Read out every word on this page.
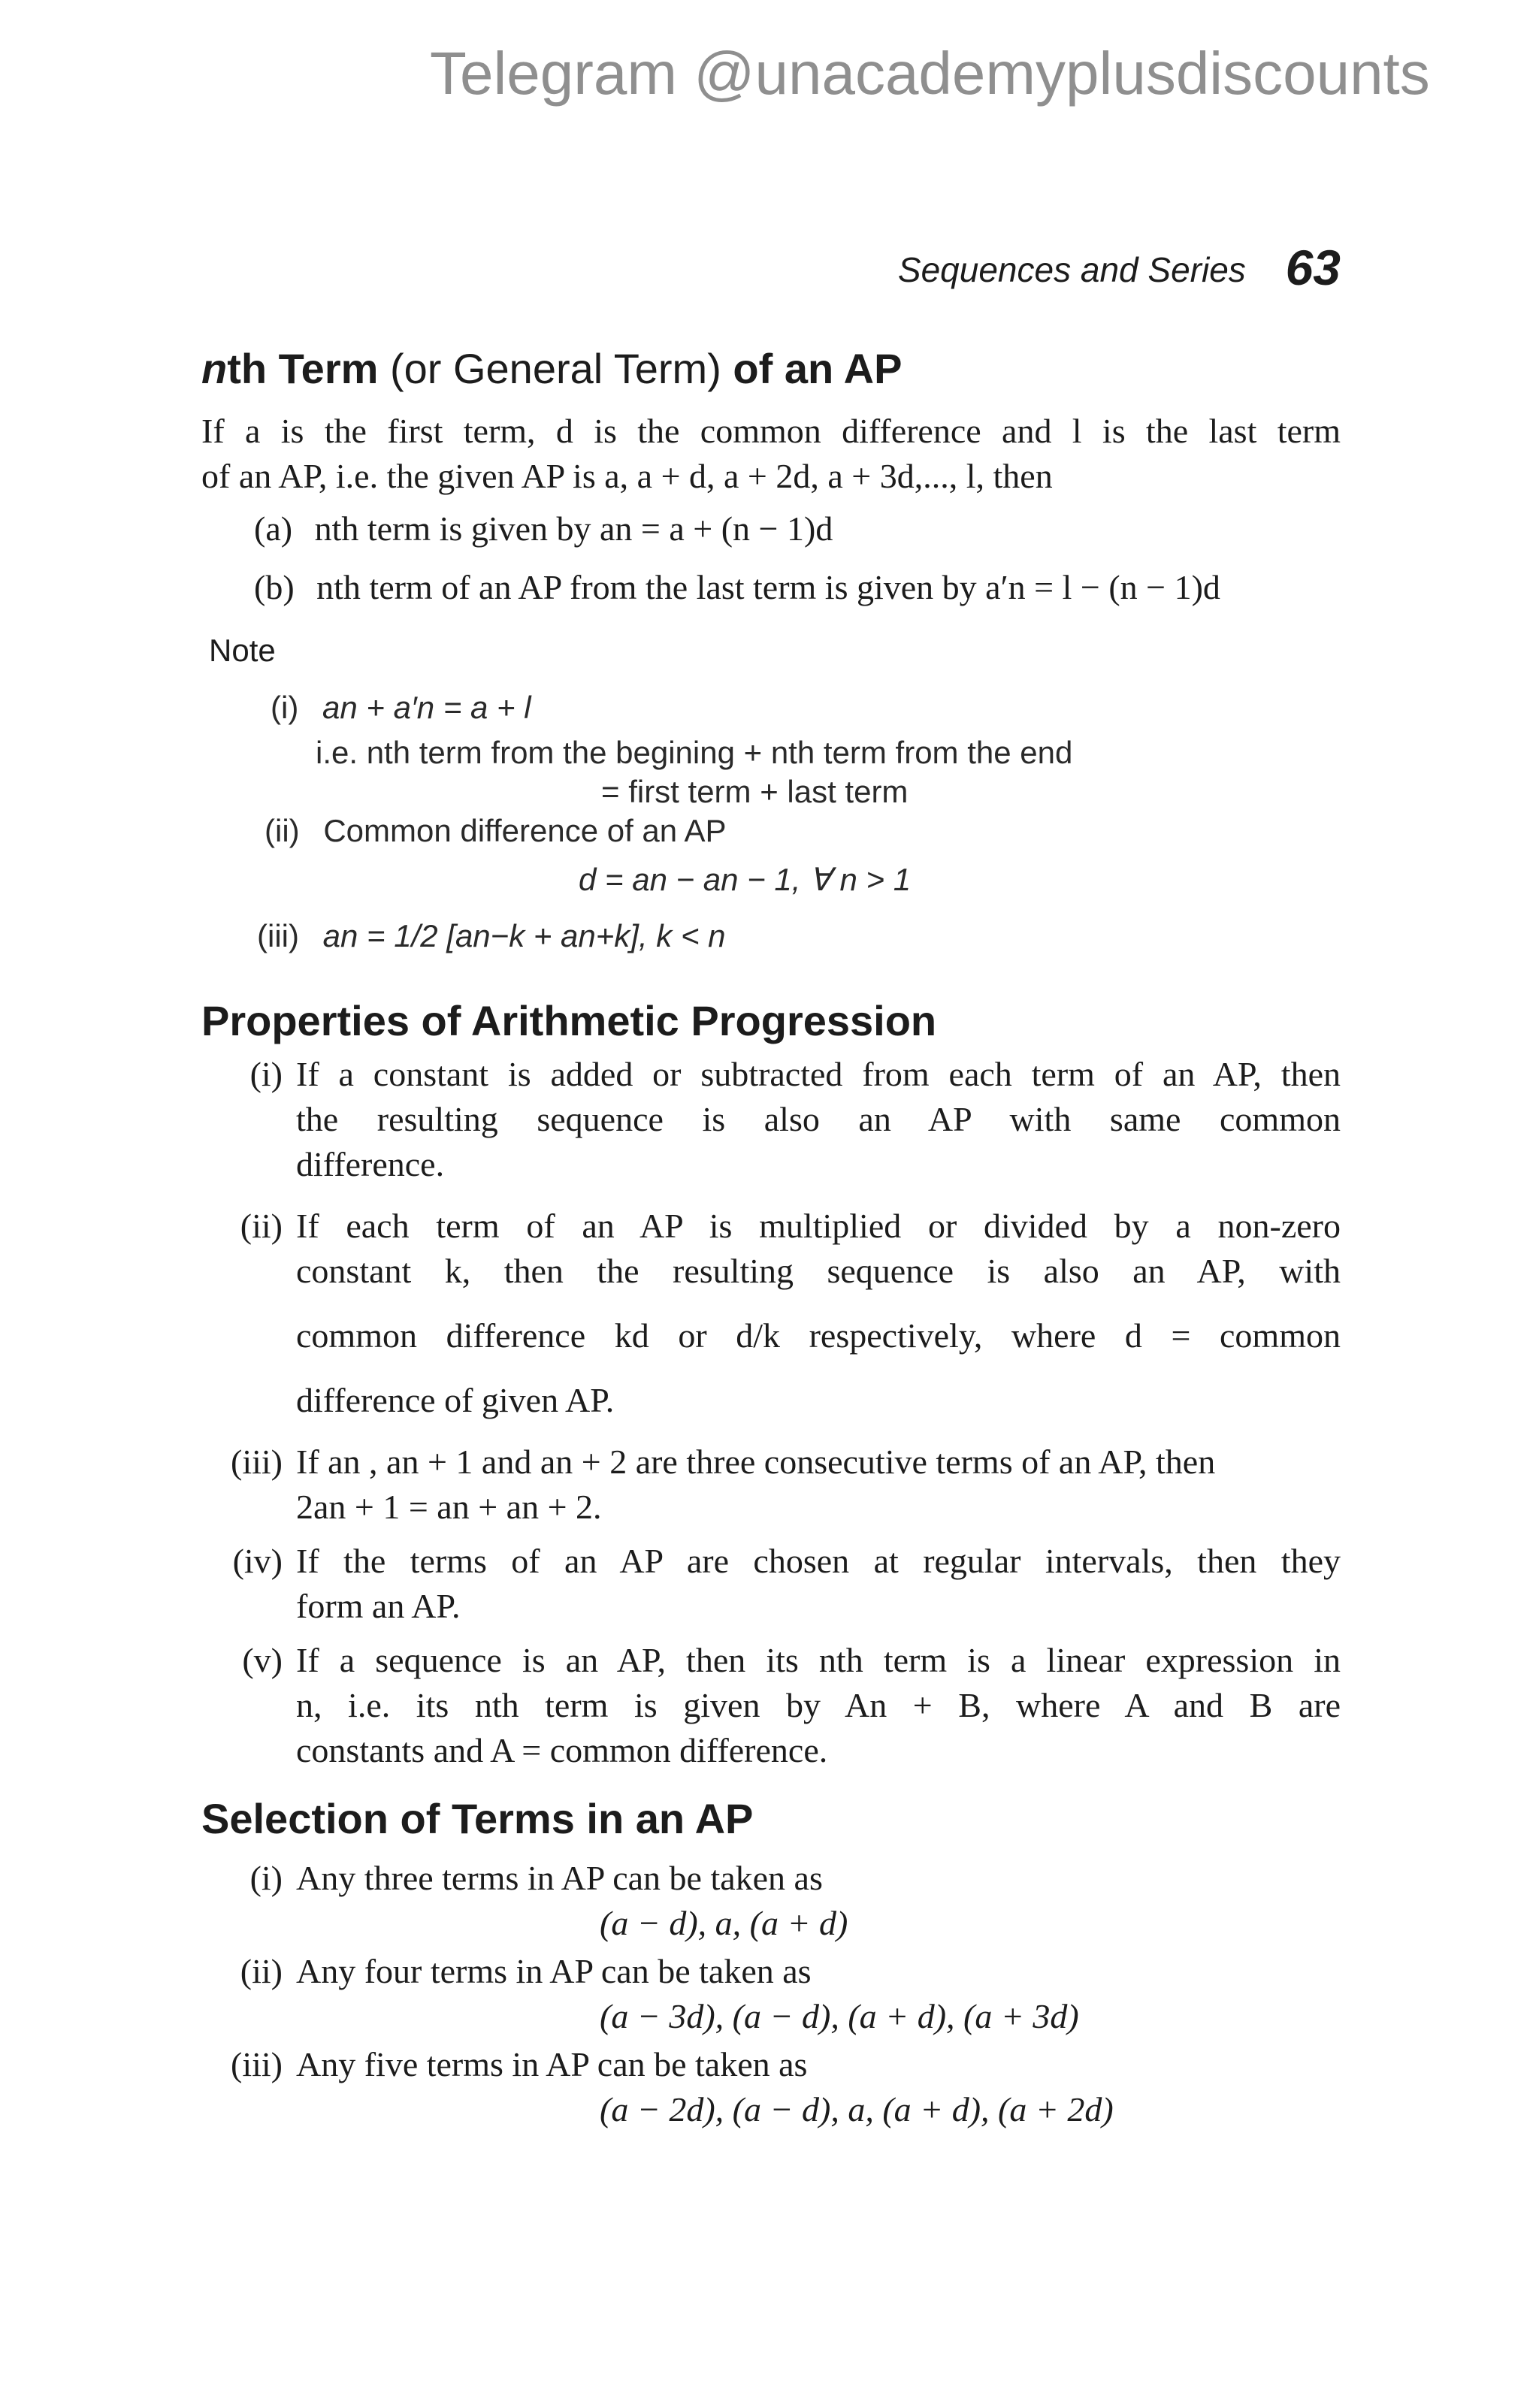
Telegram @unacademyplusdiscounts
Sequences and Series 63
nth Term (or General Term) of an AP
If a is the first term, d is the common difference and l is the last term
of an AP, i.e. the given AP is a, a + d, a + 2d, a + 3d,..., l, then
(a) nth term is given by an = a + (n − 1)d
(b) nth term of an AP from the last term is given by a′n = l − (n − 1)d
Note
(i) an + a′n = a + l
i.e. nth term from the begining + nth term from the end
= first term + last term
(ii) Common difference of an AP
d = an − an − 1, ∀ n > 1
(iii) an = 1/2 [an−k + an+k], k < n
Properties of Arithmetic Progression
(i) If a constant is added or subtracted from each term of an AP, then
the resulting sequence is also an AP with same common
difference.
(ii) If each term of an AP is multiplied or divided by a non-zero
constant k, then the resulting sequence is also an AP, with
common difference kd or d/k respectively, where d = common
difference of given AP.
(iii) If an , an + 1 and an + 2 are three consecutive terms of an AP, then
2an + 1 = an + an + 2.
(iv) If the terms of an AP are chosen at regular intervals, then they
form an AP.
(v) If a sequence is an AP, then its nth term is a linear expression in
n, i.e. its nth term is given by An + B, where A and B are
constants and A = common difference.
Selection of Terms in an AP
(i) Any three terms in AP can be taken as
(a − d), a, (a + d)
(ii) Any four terms in AP can be taken as
(a − 3d), (a − d), (a + d), (a + 3d)
(iii) Any five terms in AP can be taken as
(a − 2d), (a − d), a, (a + d), (a + 2d)
